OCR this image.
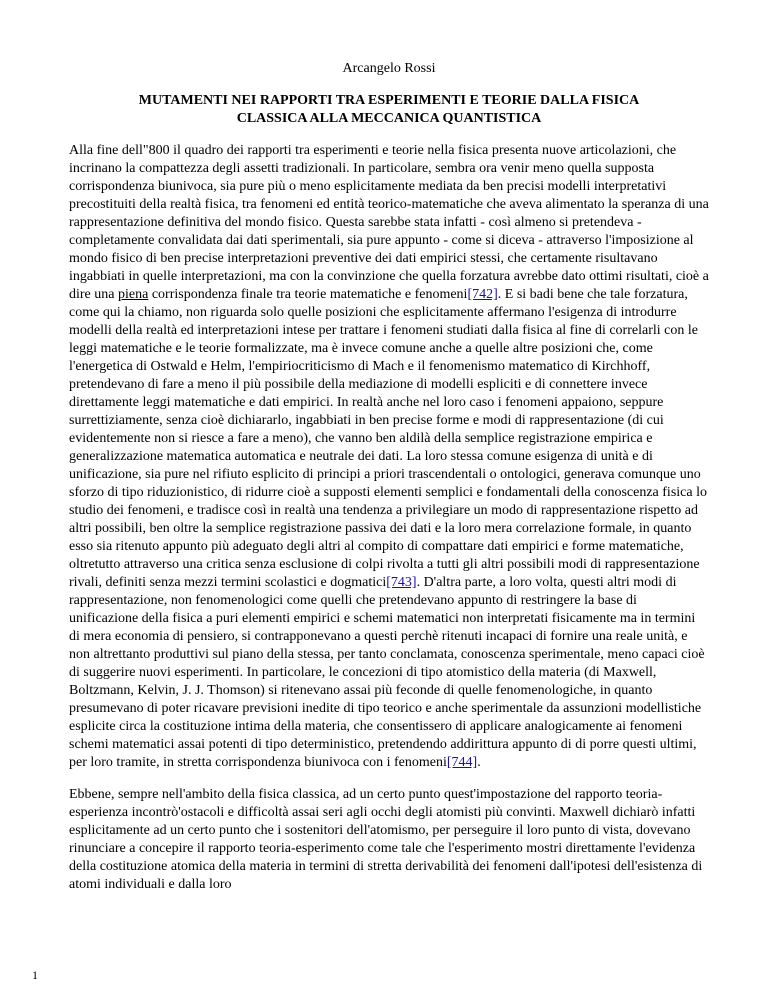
Arcangelo Rossi

MUTAMENTI NEI RAPPORTI TRA ESPERIMENTI E TEORIE DALLA FISICA
CLASSICA ALLA MECCANICA QUANTISTICA

Alla fine dell"800 il quadro dei rapporti tra esperimenti e teorie nella fisica presenta nuove articolazioni, che incrinano la compattezza degli assetti tradizionali. In particolare, sembra ora venir meno quella supposta corrispondenza biunivoca, sia pure più o meno esplicitamente mediata da ben precisi modelli interpretativi precostituiti della realtà fisica, tra fenomeni ed entità teorico-matematiche che aveva alimentato la speranza di una rappresentazione definitiva del mondo fisico. Questa sarebbe stata infatti - così almeno si pretendeva - completamente convalidata dai dati sperimentali, sia pure appunto - come si diceva - attraverso l'imposizione al mondo fisico di ben precise interpretazioni preventive dei dati empirici stessi, che certamente risultavano ingabbiati in quelle interpretazioni, ma con la convinzione che quella forzatura avrebbe dato ottimi risultati, cioè a dire una piena corrispondenza finale tra teorie matematiche e fenomeni[742]. E si badi bene che tale forzatura, come qui la chiamo, non riguarda solo quelle posizioni che esplicitamente affermano l'esigenza di introdurre modelli della realtà ed interpretazioni intese per trattare i fenomeni studiati dalla fisica al fine di correlarli con le leggi matematiche e le teorie formalizzate, ma è invece comune anche a quelle altre posizioni che, come l'energetica di Ostwald e Helm, l'empiriocriticismo di Mach e il fenomenismo matematico di Kirchhoff, pretendevano di fare a meno il più possibile della mediazione di modelli espliciti e di connettere invece direttamente leggi matematiche e dati empirici. In realtà anche nel loro caso i fenomeni appaiono, seppure surrettiziamente, senza cioè dichiararlo, ingabbiati in ben precise forme e modi di rappresentazione (di cui evidentemente non si riesce a fare a meno), che vanno ben aldilà della semplice registrazione empirica e generalizzazione matematica automatica e neutrale dei dati. La loro stessa comune esigenza di unità e di unificazione, sia pure nel rifiuto esplicito di principi a priori trascendentali o ontologici, generava comunque uno sforzo di tipo riduzionistico, di ridurre cioè a supposti elementi semplici e fondamentali della conoscenza fisica lo studio dei fenomeni, e tradisce così in realtà una tendenza a privilegiare un modo di rappresentazione rispetto ad altri possibili, ben oltre la semplice registrazione passiva dei dati e la loro mera correlazione formale, in quanto esso sia ritenuto appunto più adeguato degli altri al compito di compattare dati empirici e forme matematiche, oltretutto attraverso una critica senza esclusione di colpi rivolta a tutti gli altri possibili modi di rappresentazione rivali, definiti senza mezzi termini scolastici e dogmatici[743]. D'altra parte, a loro volta, questi altri modi di rappresentazione, non fenomenologici come quelli che pretendevano appunto di restringere la base di unificazione della fisica a puri elementi empirici e schemi matematici non interpretati fisicamente ma in termini di mera economia di pensiero, si contrapponevano a questi perchè ritenuti incapaci di fornire una reale unità, e non altrettanto produttivi sul piano della stessa, per tanto conclamata, conoscenza sperimentale, meno capaci cioè di suggerire nuovi esperimenti. In particolare, le concezioni di tipo atomistico della materia (di Maxwell, Boltzmann, Kelvin, J. J. Thomson) si ritenevano assai più feconde di quelle fenomenologiche, in quanto presumevano di poter ricavare previsioni inedite di tipo teorico e anche sperimentale da assunzioni modellistiche esplicite circa la costituzione intima della materia, che consentissero di applicare analogicamente ai fenomeni schemi matematici assai potenti di tipo deterministico, pretendendo addirittura appunto di di porre questi ultimi, per loro tramite, in stretta corrispondenza biunivoca con i fenomeni[744].

Ebbene, sempre nell'ambito della fisica classica, ad un certo punto quest'impostazione del rapporto teoria-esperienza incontrò'ostacoli e difficoltà assai seri agli occhi degli atomisti più convinti. Maxwell dichiarò infatti esplicitamente ad un certo punto che i sostenitori dell'atomismo, per perseguire il loro punto di vista, dovevano rinunciare a concepire il rapporto teoria-esperimento come tale che l'esperimento mostri direttamente l'evidenza della costituzione atomica della materia in termini di stretta derivabilità dei fenomeni dall'ipotesi dell'esistenza di atomi individuali e dalla loro

1
